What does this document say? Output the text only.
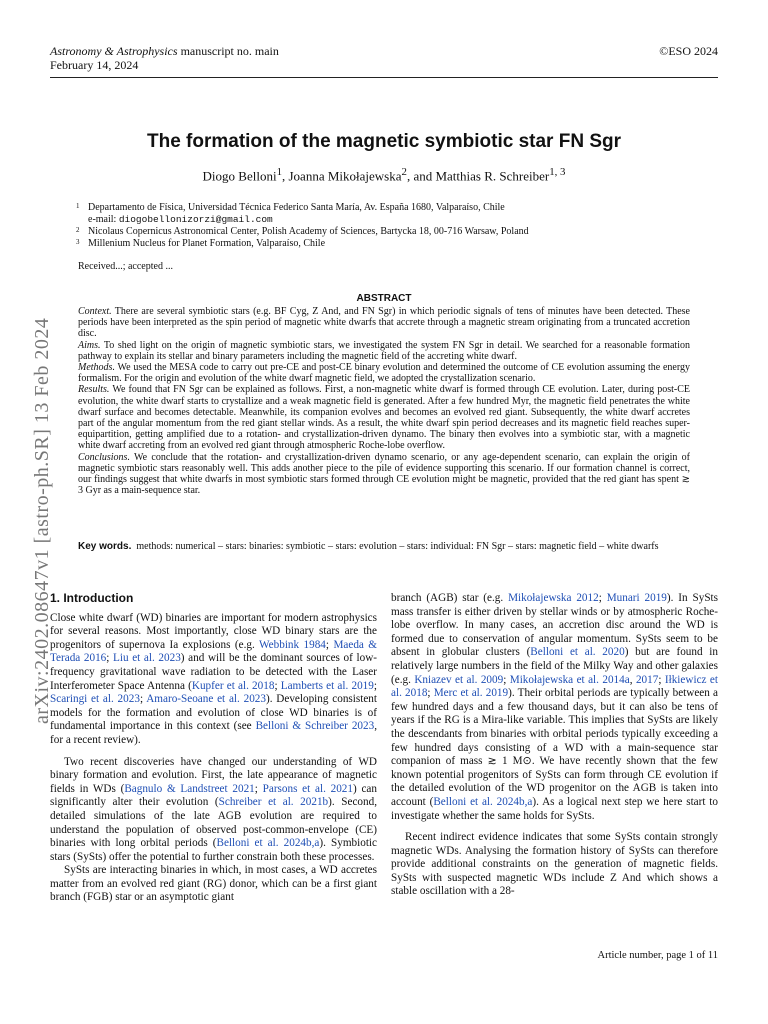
Astronomy & Astrophysics manuscript no. main
February 14, 2024
©ESO 2024
The formation of the magnetic symbiotic star FN Sgr
Diogo Belloni$^1$, Joanna Mikołajewska$^2$, and Matthias R. Schreiber$^{1, 3}$
1 Departamento de Física, Universidad Técnica Federico Santa María, Av. España 1680, Valparaíso, Chile
e-mail: diogobellonizorzi@gmail.com
2 Nicolaus Copernicus Astronomical Center, Polish Academy of Sciences, Bartycka 18, 00-716 Warsaw, Poland
3 Millenium Nucleus for Planet Formation, Valparaíso, Chile
Received...; accepted ...
ABSTRACT

Context. There are several symbiotic stars (e.g. BF Cyg, Z And, and FN Sgr) in which periodic signals of tens of minutes have been detected. These periods have been interpreted as the spin period of magnetic white dwarfs that accrete through a magnetic stream originating from a truncated accretion disc.

Aims. To shed light on the origin of magnetic symbiotic stars, we investigated the system FN Sgr in detail. We searched for a reasonable formation pathway to explain its stellar and binary parameters including the magnetic field of the accreting white dwarf.

Methods. We used the MESA code to carry out pre-CE and post-CE binary evolution and determined the outcome of CE evolution assuming the energy formalism. For the origin and evolution of the white dwarf magnetic field, we adopted the crystallization scenario.

Results. We found that FN Sgr can be explained as follows. First, a non-magnetic white dwarf is formed through CE evolution. Later, during post-CE evolution, the white dwarf starts to crystallize and a weak magnetic field is generated. After a few hundred Myr, the magnetic field penetrates the white dwarf surface and becomes detectable. Meanwhile, its companion evolves and becomes an evolved red giant. Subsequently, the white dwarf accretes part of the angular momentum from the red giant stellar winds. As a result, the white dwarf spin period decreases and its magnetic field reaches super-equipartition, getting amplified due to a rotation- and crystallization-driven dynamo. The binary then evolves into a symbiotic star, with a magnetic white dwarf accreting from an evolved red giant through atmospheric Roche-lobe overflow.

Conclusions. We conclude that the rotation- and crystallization-driven dynamo scenario, or any age-dependent scenario, can explain the origin of magnetic symbiotic stars reasonably well. This adds another piece to the pile of evidence supporting this scenario. If our formation channel is correct, our findings suggest that white dwarfs in most symbiotic stars formed through CE evolution might be magnetic, provided that the red giant has spent ≳ 3 Gyr as a main-sequence star.

Key words. methods: numerical – stars: binaries: symbiotic – stars: evolution – stars: individual: FN Sgr – stars: magnetic field – white dwarfs
arXiv:2402.08647v1 [astro-ph.SR] 13 Feb 2024
1. Introduction

Close white dwarf (WD) binaries are important for modern astrophysics for several reasons. Most importantly, close WD binary stars are the progenitors of supernova Ia explosions (e.g. Webbink 1984; Maeda & Terada 2016; Liu et al. 2023) and will be the dominant sources of low-frequency gravitational wave radiation to be detected with the Laser Interferometer Space Antenna (Kupfer et al. 2018; Lamberts et al. 2019; Scaringi et al. 2023; Amaro-Seoane et al. 2023). Developing consistent models for the formation and evolution of close WD binaries is of fundamental importance in this context (see Belloni & Schreiber 2023, for a recent review).

Two recent discoveries have changed our understanding of WD binary formation and evolution. First, the late appearance of magnetic fields in WDs (Bagnulo & Landstreet 2021; Parsons et al. 2021) can significantly alter their evolution (Schreiber et al. 2021b). Second, detailed simulations of the late AGB evolution are required to understand the population of observed post-common-envelope (CE) binaries with long orbital periods (Belloni et al. 2024b,a). Symbiotic stars (SySts) offer the potential to further constrain both these processes.

SySts are interacting binaries in which, in most cases, a WD accretes matter from an evolved red giant (RG) donor, which can be a first giant branch (FGB) star or an asymptotic giant

branch (AGB) star (e.g. Mikołajewska 2012; Munari 2019). In SySts mass transfer is either driven by stellar winds or by atmospheric Roche-lobe overflow. In many cases, an accretion disc around the WD is formed due to conservation of angular momentum. SySts seem to be absent in globular clusters (Belloni et al. 2020) but are found in relatively large numbers in the field of the Milky Way and other galaxies (e.g. Kniazev et al. 2009; Mikołajewska et al. 2014a, 2017; Iłkiewicz et al. 2018; Merc et al. 2019). Their orbital periods are typically between a few hundred days and a few thousand days, but it can also be tens of years if the RG is a Mira-like variable. This implies that SySts are likely the descendants from binaries with orbital periods typically exceeding a few hundred days consisting of a WD with a main-sequence star companion of mass ≳ 1 M⊙. We have recently shown that the few known potential progenitors of SySts can form through CE evolution if the detailed evolution of the WD progenitor on the AGB is taken into account (Belloni et al. 2024b,a). As a logical next step we here start to investigate whether the same holds for SySts.

Recent indirect evidence indicates that some SySts contain strongly magnetic WDs. Analysing the formation history of SySts can therefore provide additional constraints on the generation of magnetic fields. SySts with suspected magnetic WDs include Z And which shows a stable oscillation with a 28-

Article number, page 1 of 11
